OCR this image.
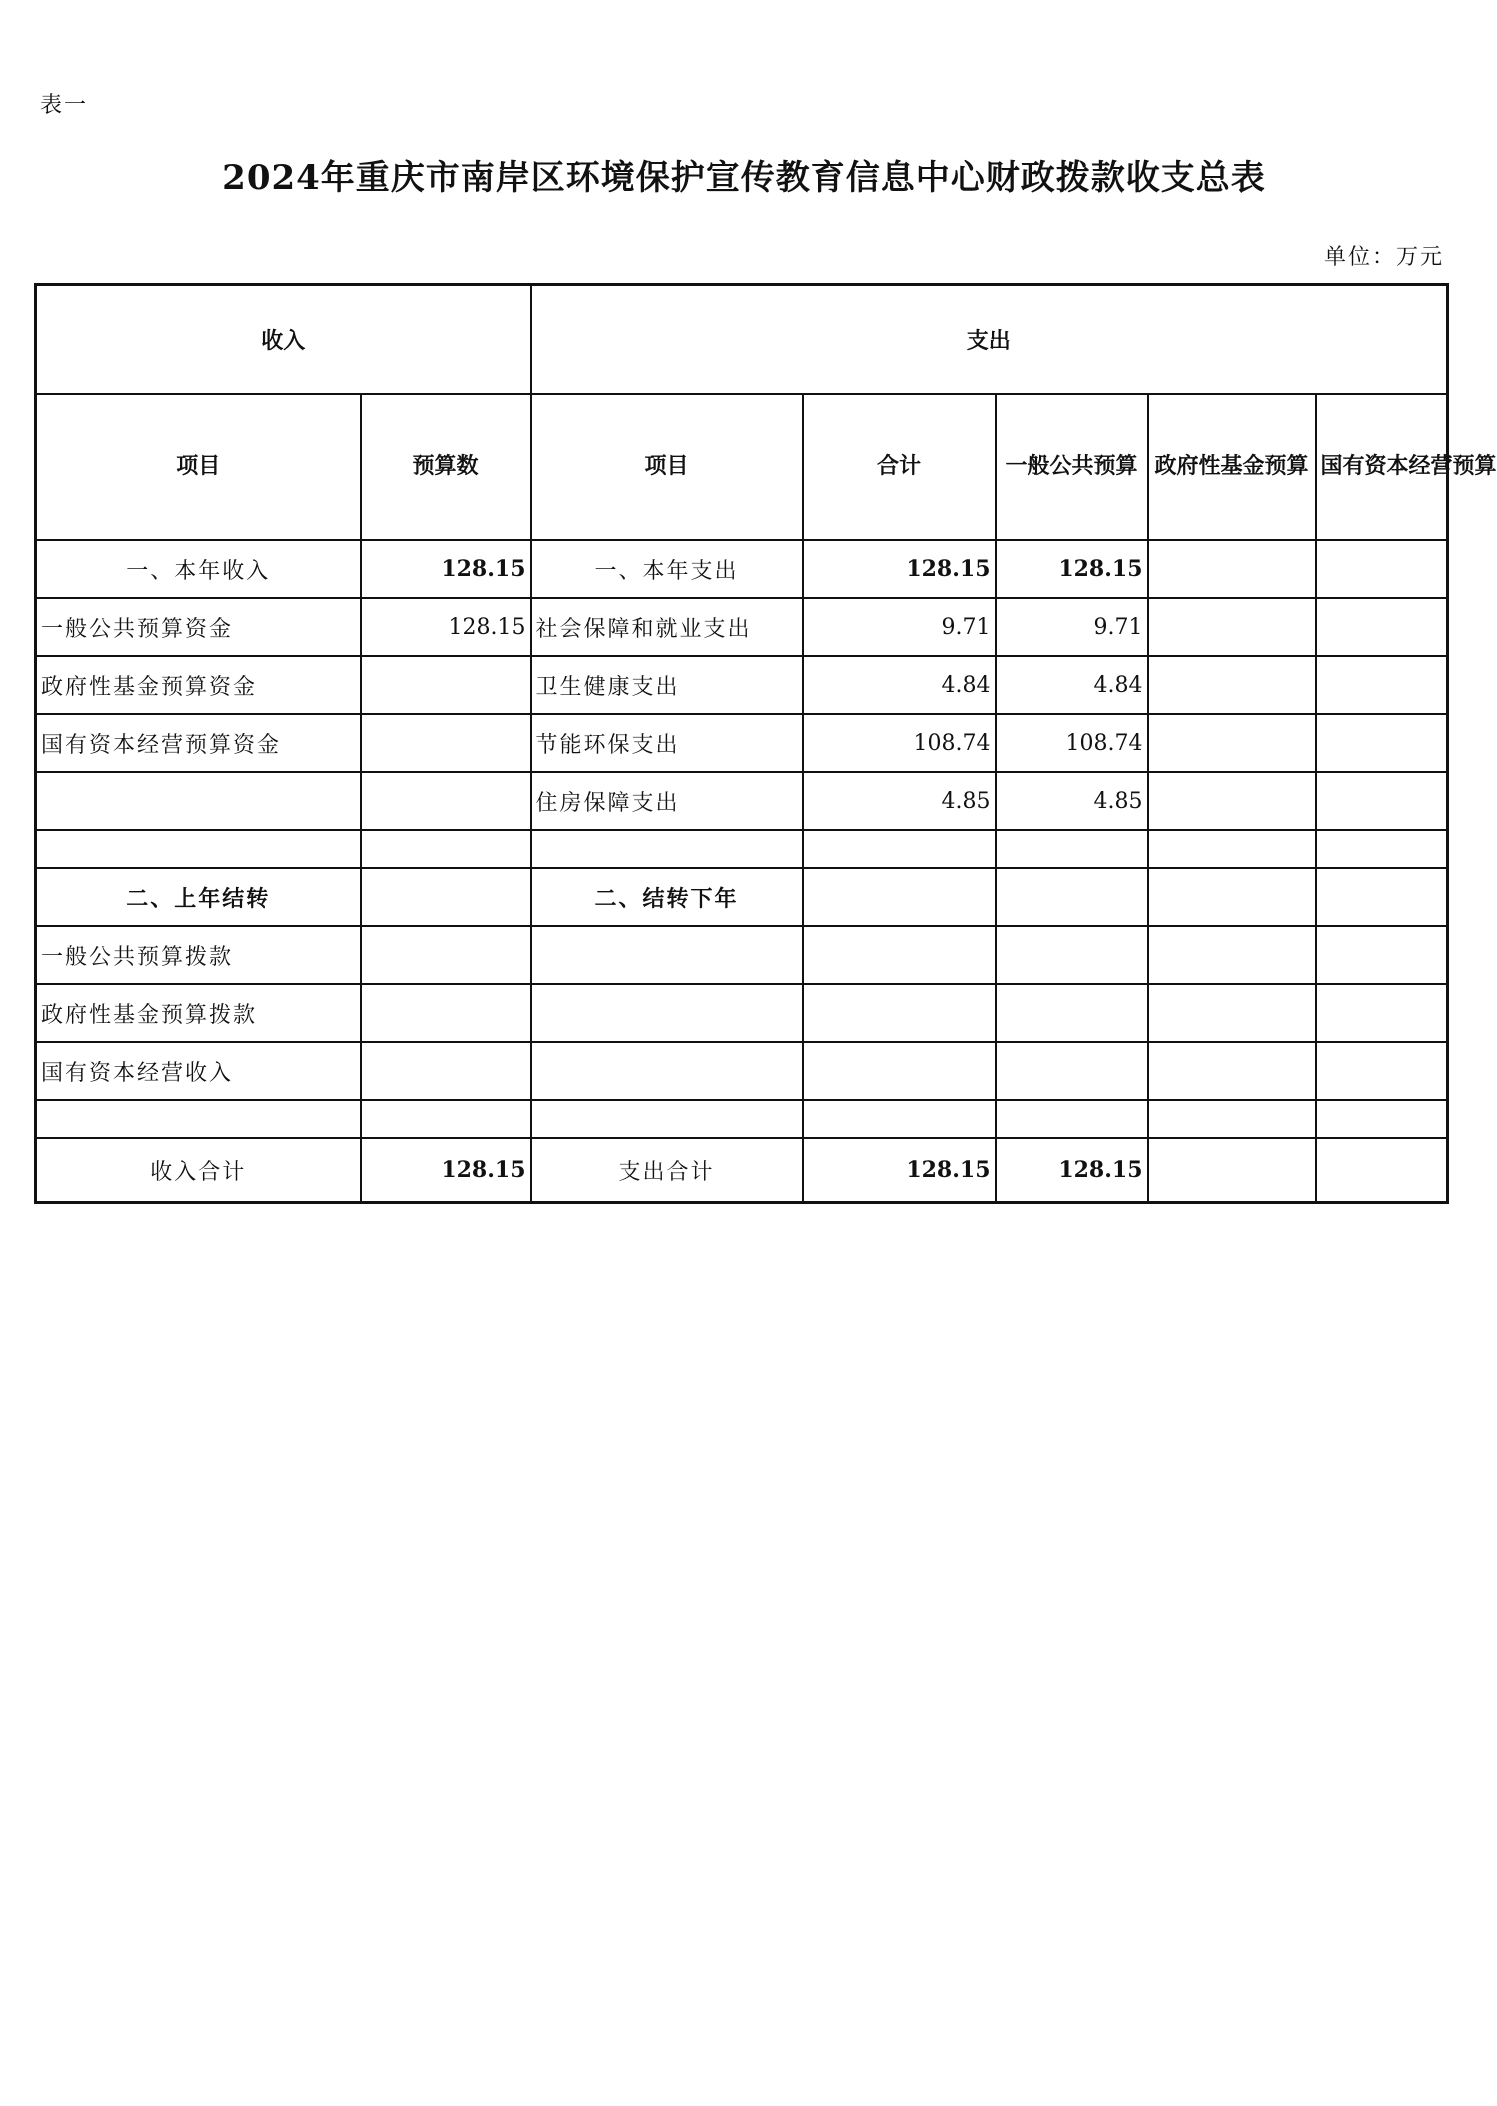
表一
2024年重庆市南岸区环境保护宣传教育信息中心财政拨款收支总表
单位：万元
收入		支出				
项目	预算数	项目	合计	一般公共预算	政府性基金预算	国有资本经营预算
一、本年收入	128.15	一、本年支出	128.15	128.15		
一般公共预算资金	128.15	社会保障和就业支出	9.71	9.71		
政府性基金预算资金		卫生健康支出	4.84	4.84		
国有资本经营预算资金		节能环保支出	108.74	108.74		
		住房保障支出	4.85	4.85		

二、上年结转		二、结转下年				
一般公共预算拨款						
政府性基金预算拨款						
国有资本经营收入						

收入合计	128.15	支出合计	128.15	128.15		
